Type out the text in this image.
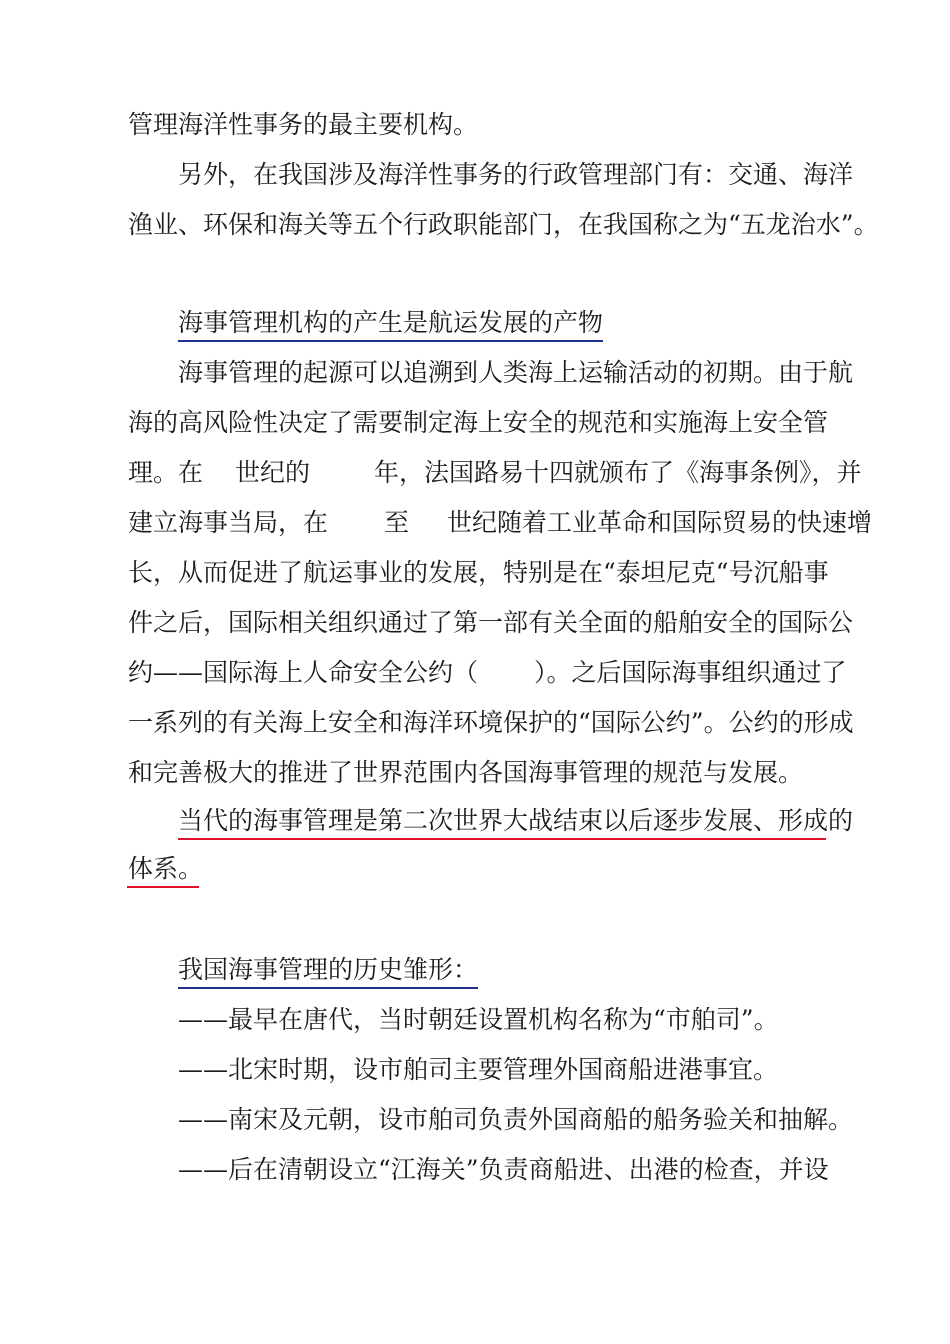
管理海洋性事务的最主要机构。
另外，在我国涉及海洋性事务的行政管理部门有：交通、海洋
渔业、环保和海关等五个行政职能部门，在我国称之为“五龙治水”。
海事管理机构的产生是航运发展的产物
海事管理的起源可以追溯到人类海上运输活动的初期。由于航
海的高风险性决定了需要制定海上安全的规范和实施海上安全管
理。在 世纪的	年，法国路易十四就颁布了《海事条例》，并
建立海事当局，在 至 世纪随着工业革命和国际贸易的快速增
长，从而促进了航运事业的发展，特别是在“泰坦尼克“号沉船事
件之后，国际相关组织通过了第一部有关全面的船舶安全的国际公
约——国际海上人命安全公约（ ）。之后国际海事组织通过了
一系列的有关海上安全和海洋环境保护的“国际公约”。公约的形成
和完善极大的推进了世界范围内各国海事管理的规范与发展。
当代的海事管理是第二次世界大战结束以后逐步发展、形成的
体系。
我国海事管理的历史雏形：
——最早在唐代，当时朝廷设置机构名称为“市舶司”。
——北宋时期，设市舶司主要管理外国商船进港事宜。
——南宋及元朝，设市舶司负责外国商船的船务验关和抽解。
——后在清朝设立“江海关”负责商船进、出港的检查，并设
